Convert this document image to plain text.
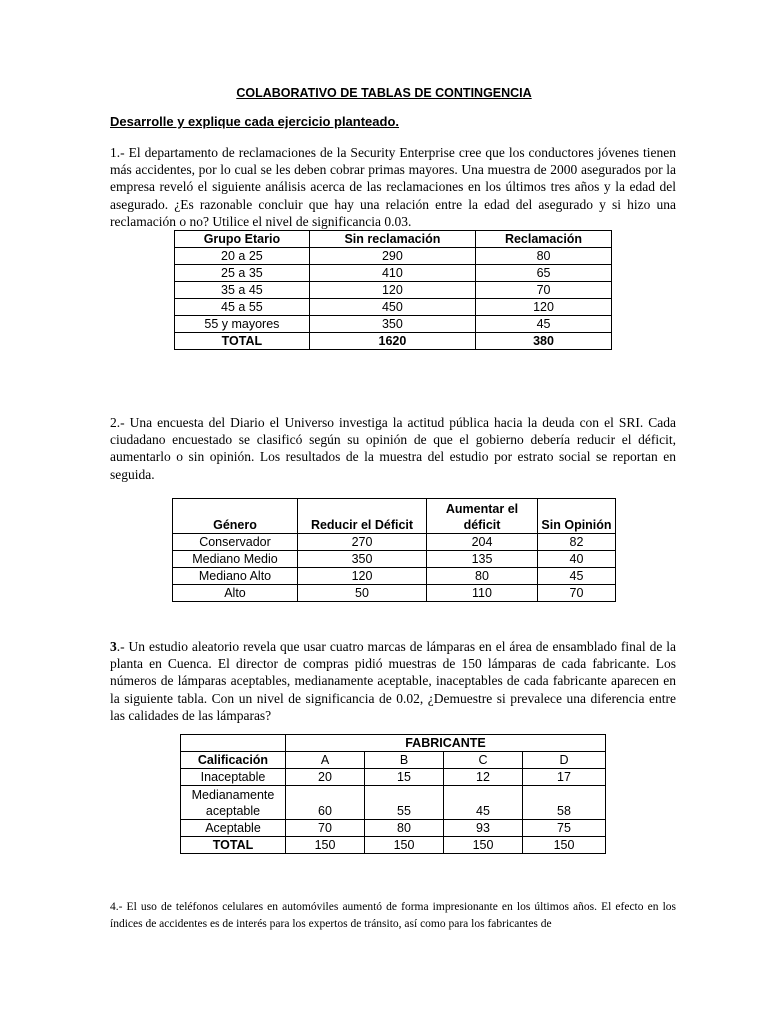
COLABORATIVO DE TABLAS DE CONTINGENCIA
Desarrolle y explique cada ejercicio planteado.

1.- El departamento de reclamaciones de la Security Enterprise cree que los conductores jóvenes tienen más accidentes, por lo cual se les deben cobrar primas mayores. Una muestra de 2000 asegurados por la empresa reveló el siguiente análisis acerca de las reclamaciones en los últimos tres años y la edad del asegurado. ¿Es razonable concluir que hay una relación entre la edad del asegurado y si hizo una reclamación o no? Utilice el nivel de significancia 0.03.

Grupo Etario	Sin reclamación	Reclamación
20 a 25	290	80
25 a 35	410	65
35 a 45	120	70
45 a 55	450	120
55 y mayores	350	45
TOTAL	1620	380

2.- Una encuesta del Diario el Universo investiga la actitud pública hacia la deuda con el SRI. Cada ciudadano encuestado se clasificó según su opinión de que el gobierno debería reducir el déficit, aumentarlo o sin opinión. Los resultados de la muestra del estudio por estrato social se reportan en seguida.

Género	Reducir el Déficit	Aumentar el déficit	Sin Opinión
Conservador	270	204	82
Mediano Medio	350	135	40
Mediano Alto	120	80	45
Alto	50	110	70

3.- Un estudio aleatorio revela que usar cuatro marcas de lámparas en el área de ensamblado final de la planta en Cuenca. El director de compras pidió muestras de 150 lámparas de cada fabricante. Los números de lámparas aceptables, medianamente aceptable, inaceptables de cada fabricante aparecen en la siguiente tabla. Con un nivel de significancia de 0.02, ¿Demuestre si prevalece una diferencia entre las calidades de las lámparas?

	FABRICANTE			
Calificación	A	B	C	D
Inaceptable	20	15	12	17
Medianamente aceptable	60	55	45	58
Aceptable	70	80	93	75
TOTAL	150	150	150	150

4.- El uso de teléfonos celulares en automóviles aumentó de forma impresionante en los últimos años. El efecto en los índices de accidentes es de interés para los expertos de tránsito, así como para los fabricantes de
